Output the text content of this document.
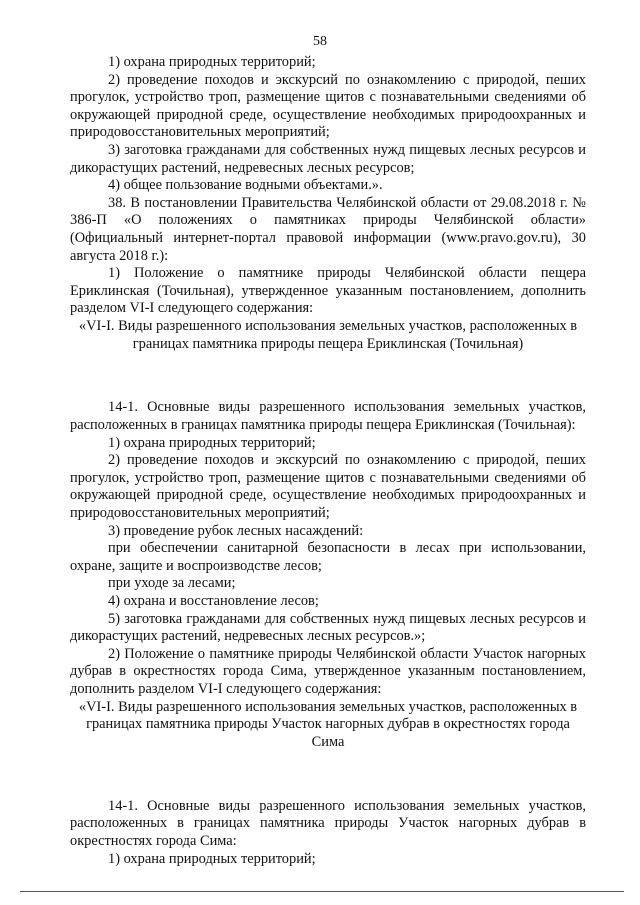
58

1) охрана природных территорий;

2) проведение походов и экскурсий по ознакомлению с природой, пеших прогулок, устройство троп, размещение щитов с познавательными сведениями об окружающей природной среде, осуществление необходимых природоохранных и природовосстановительных мероприятий;

3) заготовка гражданами для собственных нужд пищевых лесных ресурсов и дикорастущих растений, недревесных лесных ресурсов;

4) общее пользование водными объектами.».

38. В постановлении Правительства Челябинской области от 29.08.2018 г. № 386-П «О положениях о памятниках природы Челябинской области» (Официальный интернет-портал правовой информации (www.pravo.gov.ru), 30 августа 2018 г.):

1) Положение о памятнике природы Челябинской области пещера Ериклинская (Точильная), утвержденное указанным постановлением, дополнить разделом VI-I следующего содержания:

«VI-I. Виды разрешенного использования земельных участков, расположенных в границах памятника природы пещера Ериклинская (Точильная)

14-1. Основные виды разрешенного использования земельных участков, расположенных в границах памятника природы пещера Ериклинская (Точильная):

1) охрана природных территорий;

2) проведение походов и экскурсий по ознакомлению с природой, пеших прогулок, устройство троп, размещение щитов с познавательными сведениями об окружающей природной среде, осуществление необходимых природоохранных и природовосстановительных мероприятий;

3) проведение рубок лесных насаждений:

при обеспечении санитарной безопасности в лесах при использовании, охране, защите и воспроизводстве лесов;

при уходе за лесами;

4) охрана и восстановление лесов;

5) заготовка гражданами для собственных нужд пищевых лесных ресурсов и дикорастущих растений, недревесных лесных ресурсов.»;

2) Положение о памятнике природы Челябинской области Участок нагорных дубрав в окрестностях города Сима, утвержденное указанным постановлением, дополнить разделом VI-I следующего содержания:

«VI-I. Виды разрешенного использования земельных участков, расположенных в границах памятника природы Участок нагорных дубрав в окрестностях города Сима

14-1. Основные виды разрешенного использования земельных участков, расположенных в границах памятника природы Участок нагорных дубрав в окрестностях города Сима:

1) охрана природных территорий;
